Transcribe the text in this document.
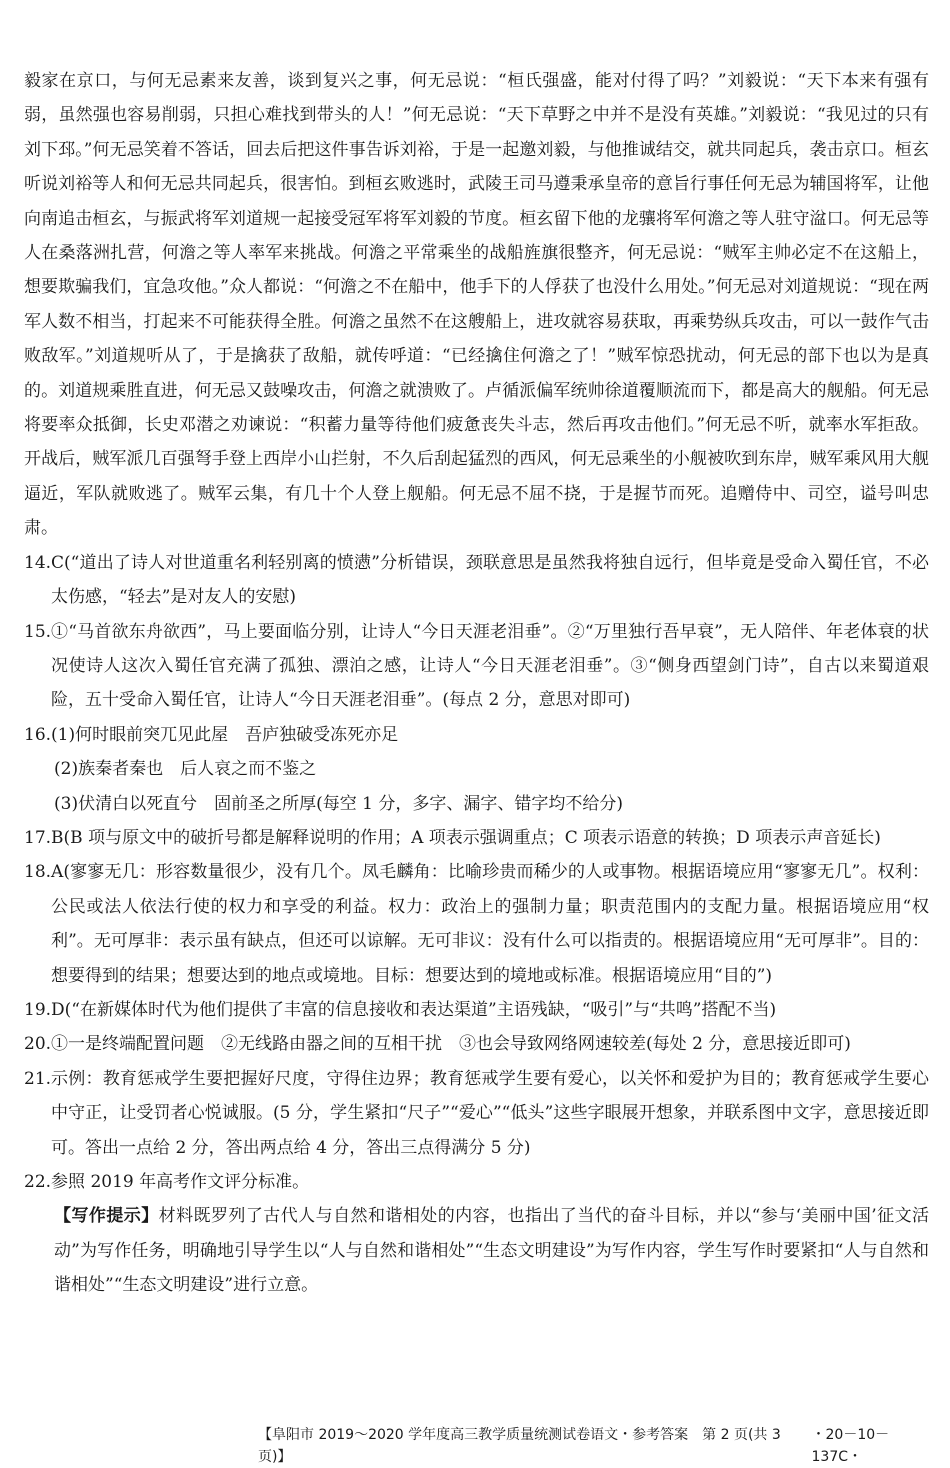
毅家在京口，与何无忌素来友善，谈到复兴之事，何无忌说：“桓氏强盛，能对付得了吗？”刘毅说：“天下本来有强有弱，虽然强也容易削弱，只担心难找到带头的人！”何无忌说：“天下草野之中并不是没有英雄。”刘毅说：“我见过的只有刘下邳。”何无忌笑着不答话，回去后把这件事告诉刘裕，于是一起邀刘毅，与他推诚结交，就共同起兵，袭击京口。桓玄听说刘裕等人和何无忌共同起兵，很害怕。到桓玄败逃时，武陵王司马遵秉承皇帝的意旨行事任何无忌为辅国将军，让他向南追击桓玄，与振武将军刘道规一起接受冠军将军刘毅的节度。桓玄留下他的龙骧将军何澹之等人驻守湓口。何无忌等人在桑落洲扎营，何澹之等人率军来挑战。何澹之平常乘坐的战船旌旗很整齐，何无忌说：“贼军主帅必定不在这船上，想要欺骗我们，宜急攻他。”众人都说：“何澹之不在船中，他手下的人俘获了也没什么用处。”何无忌对刘道规说：“现在两军人数不相当，打起来不可能获得全胜。何澹之虽然不在这艘船上，进攻就容易获取，再乘势纵兵攻击，可以一鼓作气击败敌军。”刘道规听从了，于是擒获了敌船，就传呼道：“已经擒住何澹之了！”贼军惊恐扰动，何无忌的部下也以为是真的。刘道规乘胜直进，何无忌又鼓噪攻击，何澹之就溃败了。卢循派偏军统帅徐道覆顺流而下，都是高大的舰船。何无忌将要率众抵御，长史邓潜之劝谏说：“积蓄力量等待他们疲惫丧失斗志，然后再攻击他们。”何无忌不听，就率水军拒敌。开战后，贼军派几百强弩手登上西岸小山拦射，不久后刮起猛烈的西风，何无忌乘坐的小舰被吹到东岸，贼军乘风用大舰逼近，军队就败逃了。贼军云集，有几十个人登上舰船。何无忌不屈不挠，于是握节而死。追赠侍中、司空，谥号叫忠肃。

14. C(“道出了诗人对世道重名利轻别离的愤懑”分析错误，颈联意思是虽然我将独自远行，但毕竟是受命入蜀任官，不必太伤感，“轻去”是对友人的安慰)
15. ①“马首欲东舟欲西”，马上要面临分别，让诗人“今日天涯老泪垂”。②“万里独行吾早衰”，无人陪伴、年老体衰的状况使诗人这次入蜀任官充满了孤独、漂泊之感，让诗人“今日天涯老泪垂”。③“侧身西望剑门诗”，自古以来蜀道艰险，五十受命入蜀任官，让诗人“今日天涯老泪垂”。(每点 2 分，意思对即可)
16. (1)何时眼前突兀见此屋　吾庐独破受冻死亦足

(2)族秦者秦也　后人哀之而不鉴之

(3)伏清白以死直兮　固前圣之所厚(每空 1 分，多字、漏字、错字均不给分)

17. B(B 项与原文中的破折号都是解释说明的作用；A 项表示强调重点；C 项表示语意的转换；D 项表示声音延长)
18. A(寥寥无几：形容数量很少，没有几个。凤毛麟角：比喻珍贵而稀少的人或事物。根据语境应用“寥寥无几”。权利：公民或法人依法行使的权力和享受的利益。权力：政治上的强制力量；职责范围内的支配力量。根据语境应用“权利”。无可厚非：表示虽有缺点，但还可以谅解。无可非议：没有什么可以指责的。根据语境应用“无可厚非”。目的：想要得到的结果；想要达到的地点或境地。目标：想要达到的境地或标准。根据语境应用“目的”)
19. D(“在新媒体时代为他们提供了丰富的信息接收和表达渠道”主语残缺，“吸引”与“共鸣”搭配不当)
20. ①一是终端配置问题　②无线路由器之间的互相干扰　③也会导致网络网速较差(每处 2 分，意思接近即可)
21. 示例：教育惩戒学生要把握好尺度，守得住边界；教育惩戒学生要有爱心，以关怀和爱护为目的；教育惩戒学生要心中守正，让受罚者心悦诚服。(5 分，学生紧扣“尺子”“爱心”“低头”这些字眼展开想象，并联系图中文字，意思接近即可。答出一点给 2 分，答出两点给 4 分，答出三点得满分 5 分)
22. 参照 2019 年高考作文评分标准。

【写作提示】材料既罗列了古代人与自然和谐相处的内容，也指出了当代的奋斗目标，并以“参与‘美丽中国’征文活动”为写作任务，明确地引导学生以“人与自然和谐相处”“生态文明建设”为写作内容，学生写作时要紧扣“人与自然和谐相处”“生态文明建设”进行立意。

【阜阳市 2019～2020 学年度高三教学质量统测试卷语文・参考答案　第 2 页(共 3 页)】
・20－10－137C・
